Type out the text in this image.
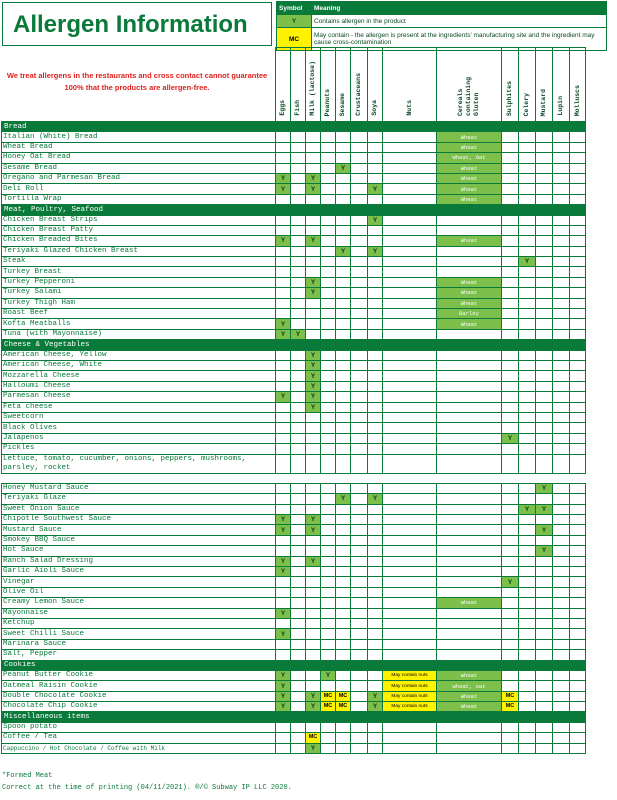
Allergen Information
We treat allergens in the restaurants and cross contact cannot guarantee 100% that the products are allergen-free.
Symbol	Meaning
Y	Contains allergen in the product
MC	May contain - the allergen is present at the ingredients' manufacturing site and the ingredient may cause cross-contamination
	Eggs	Fish	Milk (lactose)	Peanuts	Sesame	Crustaceans	Soya	Nuts	Cereals containing Gluten	Sulphites	Celery	Mustard	Lupin	Molluscs
Bread														
Italian (White) Bread									Wheat					
Wheat Bread									Wheat					
Honey Oat Bread									Wheat, Oat					
Sesame Bread					Y				Wheat					
Oregano and Parmesan Bread	Y		Y						Wheat					
Deli Roll	Y		Y				Y		Wheat					
Tortilla Wrap									Wheat					
Meat, Poultry, Seafood														
Chicken Breast Strips							Y							
Chicken Breast Patty														
Chicken Breaded Bites	Y		Y						Wheat					
Teriyaki Glazed Chicken Breast					Y		Y							
Steak											Y			
Turkey Breast														
Turkey Pepperoni			Y						Wheat					
Turkey Salami			Y						Wheat					
Turkey Thigh Ham									Wheat					
Roast Beef									Barley					
Kofta Meatballs	Y								Wheat					
Tuna (with Mayonnaise)	Y	Y												
Cheese & Vegetables														
American Cheese, Yellow			Y											
American Cheese, White			Y											
Mozzarella Cheese			Y											
Halloumi Cheese			Y											
Parmesan Cheese	Y		Y											
Feta cheese			Y											
Sweetcorn														
Black Olives														
Jalapenos										Y				
Pickles														
Lettuce, tomato, cucumber, onions, peppers, mushrooms, parsley, rocket														

Honey Mustard Sauce												Y		
Teriyaki Glaze					Y		Y							
Sweet Onion Sauce											Y	Y		
Chipotle Southwest Sauce	Y		Y											
Mustard Sauce	Y		Y									Y		
Smokey BBQ Sauce														
Hot Sauce												Y		
Ranch Salad Dressing	Y		Y											
Garlic Aioli Sauce	Y													
Vinegar										Y				
Olive Oil														
Creamy Lemon Sauce									wheat					
Mayonnaise	Y													
Ketchup														
Sweet Chilli Sauce	Y													
Marinara Sauce														
Salt, Pepper														
Cookies														
Peanut Butter Cookie	Y			Y				May contain nuts	wheat					
Oatmeal Raisin Cookie	Y							May contain nuts	wheat, oat					
Double Chocolate Cookie	Y		Y	MC	MC		Y	May contain nuts	Wheat	MC				
Chocolate Chip Cookie	Y		Y	MC	MC		Y	May contain nuts	Wheat	MC				
Miscellaneous items														
Spoon potato														
Coffee / Tea			MC											
Cappuccino / Hot Chocolate / Coffee with Milk			Y											
*Formed Meat
Correct at the time of printing (04/11/2021). ®/© Subway IP LLC 2020.
